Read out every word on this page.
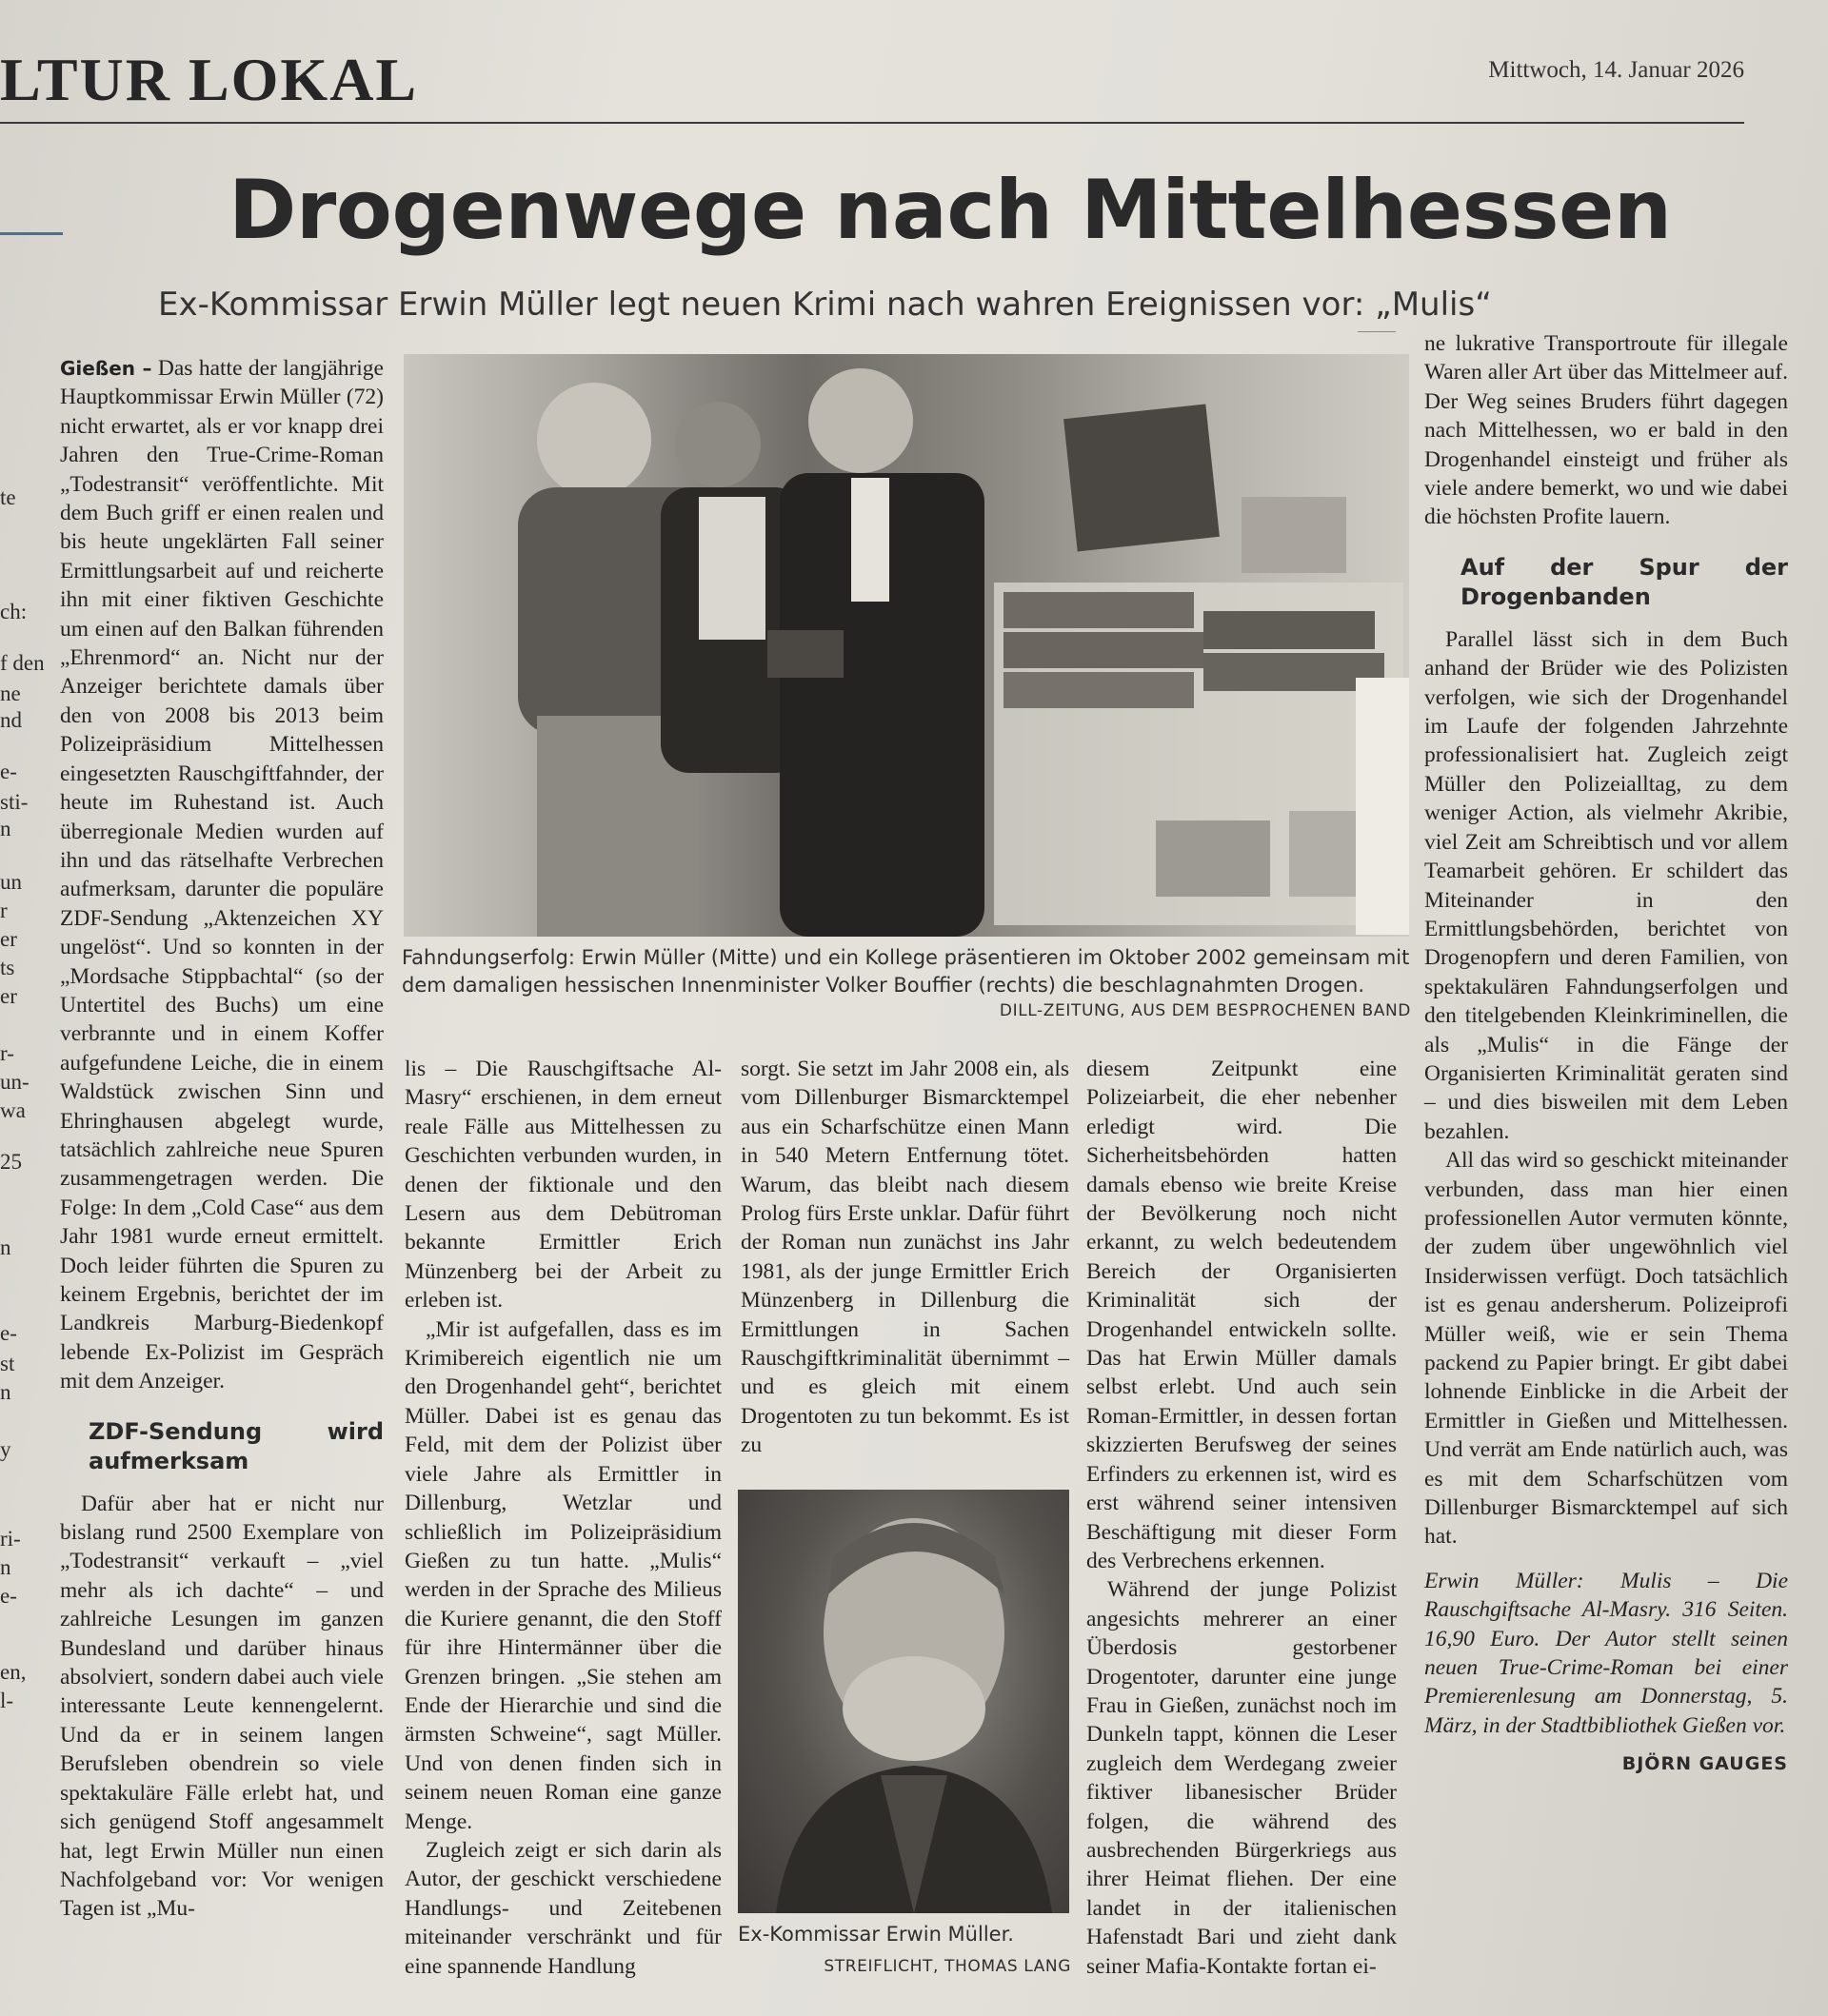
LTUR LOKAL	Mittwoch, 14. Januar 2026
te
ch:
f den
ne
nd
e-
sti-
n
un
r
er
ts
er
r-
un-
wa
25
n
e-
st
n
y
ri-
n
e-
en,
l-
Drogenwege nach Mittelhessen
Ex-Kommissar Erwin Müller legt neuen Krimi nach wahren Ereignissen vor: „Mulis“
Fahndungserfolg: Erwin Müller (Mitte) und ein Kollege präsentieren im Oktober 2002 gemeinsam mit dem damaligen hessischen Innenminister Volker Bouffier (rechts) die beschlagnahmten Drogen.
DILL-ZEITUNG, AUS DEM BESPROCHENEN BAND

Gießen – Das hatte der langjährige Hauptkommissar Erwin Müller (72) nicht erwartet, als er vor knapp drei Jahren den True-Crime-Roman „Todestransit“ veröffentlichte. Mit dem Buch griff er einen realen und bis heute ungeklärten Fall seiner Ermittlungsarbeit auf und reicherte ihn mit einer fiktiven Geschichte um einen auf den Balkan führenden „Ehrenmord“ an. Nicht nur der Anzeiger berichtete damals über den von 2008 bis 2013 beim Polizeipräsidium Mittelhessen eingesetzten Rauschgiftfahnder, der heute im Ruhestand ist. Auch überregionale Medien wurden auf ihn und das rätselhafte Verbrechen aufmerksam, darunter die populäre ZDF-Sendung „Aktenzeichen XY ungelöst“. Und so konnten in der „Mordsache Stippbachtal“ (so der Untertitel des Buchs) um eine verbrannte und in einem Koffer aufgefundene Leiche, die in einem Waldstück zwischen Sinn und Ehringhausen abgelegt wurde, tatsächlich zahlreiche neue Spuren zusammengetragen werden. Die Folge: In dem „Cold Case“ aus dem Jahr 1981 wurde erneut ermittelt. Doch leider führten die Spuren zu keinem Ergebnis, berichtet der im Landkreis Marburg-Biedenkopf lebende Ex-Polizist im Gespräch mit dem Anzeiger.

ZDF-Sendung wird aufmerksam

Dafür aber hat er nicht nur bislang rund 2500 Exemplare von „Todestransit“ verkauft – „viel mehr als ich dachte“ – und zahlreiche Lesungen im ganzen Bundesland und darüber hinaus absolviert, sondern dabei auch viele interessante Leute kennengelernt. Und da er in seinem langen Berufsleben obendrein so viele spektakuläre Fälle erlebt hat, und sich genügend Stoff angesammelt hat, legt Erwin Müller nun einen Nachfolgeband vor: Vor wenigen Tagen ist „Mu-

lis – Die Rauschgiftsache Al-Masry“ erschienen, in dem erneut reale Fälle aus Mittelhessen zu Geschichten verbunden wurden, in denen der fiktionale und den Lesern aus dem Debütroman bekannte Ermittler Erich Münzenberg bei der Arbeit zu erleben ist.

„Mir ist aufgefallen, dass es im Krimibereich eigentlich nie um den Drogenhandel geht“, berichtet Müller. Dabei ist es genau das Feld, mit dem der Polizist über viele Jahre als Ermittler in Dillenburg, Wetzlar und schließlich im Polizeipräsidium Gießen zu tun hatte. „Mulis“ werden in der Sprache des Milieus die Kuriere genannt, die den Stoff für ihre Hintermänner über die Grenzen bringen. „Sie stehen am Ende der Hierarchie und sind die ärmsten Schweine“, sagt Müller. Und von denen finden sich in seinem neuen Roman eine ganze Menge.

Zugleich zeigt er sich darin als Autor, der geschickt verschiedene Handlungs- und Zeitebenen miteinander verschränkt und für eine spannende Handlung

sorgt. Sie setzt im Jahr 2008 ein, als vom Dillenburger Bismarcktempel aus ein Scharfschütze einen Mann in 540 Metern Entfernung tötet. Warum, das bleibt nach diesem Prolog fürs Erste unklar. Dafür führt der Roman nun zunächst ins Jahr 1981, als der junge Ermittler Erich Münzenberg in Dillenburg die Ermittlungen in Sachen Rauschgiftkriminalität übernimmt – und es gleich mit einem Drogentoten zu tun bekommt. Es ist zu

Ex-Kommissar Erwin Müller.
STREIFLICHT, THOMAS LANG

diesem Zeitpunkt eine Polizeiarbeit, die eher nebenher erledigt wird. Die Sicherheitsbehörden hatten damals ebenso wie breite Kreise der Bevölkerung noch nicht erkannt, zu welch bedeutendem Bereich der Organisierten Kriminalität sich der Drogenhandel entwickeln sollte. Das hat Erwin Müller damals selbst erlebt. Und auch sein Roman-Ermittler, in dessen fortan skizzierten Berufsweg der seines Erfinders zu erkennen ist, wird es erst während seiner intensiven Beschäftigung mit dieser Form des Verbrechens erkennen.

Während der junge Polizist angesichts mehrerer an einer Überdosis gestorbener Drogentoter, darunter eine junge Frau in Gießen, zunächst noch im Dunkeln tappt, können die Leser zugleich dem Werdegang zweier fiktiver libanesischer Brüder folgen, die während des ausbrechenden Bürgerkriegs aus ihrer Heimat fliehen. Der eine landet in der italienischen Hafenstadt Bari und zieht dank seiner Mafia-Kontakte fortan ei-

ne lukrative Transportroute für illegale Waren aller Art über das Mittelmeer auf. Der Weg seines Bruders führt dagegen nach Mittelhessen, wo er bald in den Drogenhandel einsteigt und früher als viele andere bemerkt, wo und wie dabei die höchsten Profite lauern.

Auf der Spur der Drogenbanden

Parallel lässt sich in dem Buch anhand der Brüder wie des Polizisten verfolgen, wie sich der Drogenhandel im Laufe der folgenden Jahrzehnte professionalisiert hat. Zugleich zeigt Müller den Polizeialltag, zu dem weniger Action, als vielmehr Akribie, viel Zeit am Schreibtisch und vor allem Teamarbeit gehören. Er schildert das Miteinander in den Ermittlungsbehörden, berichtet von Drogenopfern und deren Familien, von spektakulären Fahndungserfolgen und den titelgebenden Kleinkriminellen, die als „Mulis“ in die Fänge der Organisierten Kriminalität geraten sind – und dies bisweilen mit dem Leben bezahlen.

All das wird so geschickt miteinander verbunden, dass man hier einen professionellen Autor vermuten könnte, der zudem über ungewöhnlich viel Insiderwissen verfügt. Doch tatsächlich ist es genau andersherum. Polizeiprofi Müller weiß, wie er sein Thema packend zu Papier bringt. Er gibt dabei lohnende Einblicke in die Arbeit der Ermittler in Gießen und Mittelhessen. Und verrät am Ende natürlich auch, was es mit dem Scharfschützen vom Dillenburger Bismarcktempel auf sich hat.

Erwin Müller: Mulis – Die Rauschgiftsache Al-Masry. 316 Seiten. 16,90 Euro. Der Autor stellt seinen neuen True-Crime-Roman bei einer Premierenlesung am Donnerstag, 5. März, in der Stadtbibliothek Gießen vor.

BJÖRN GAUGES
